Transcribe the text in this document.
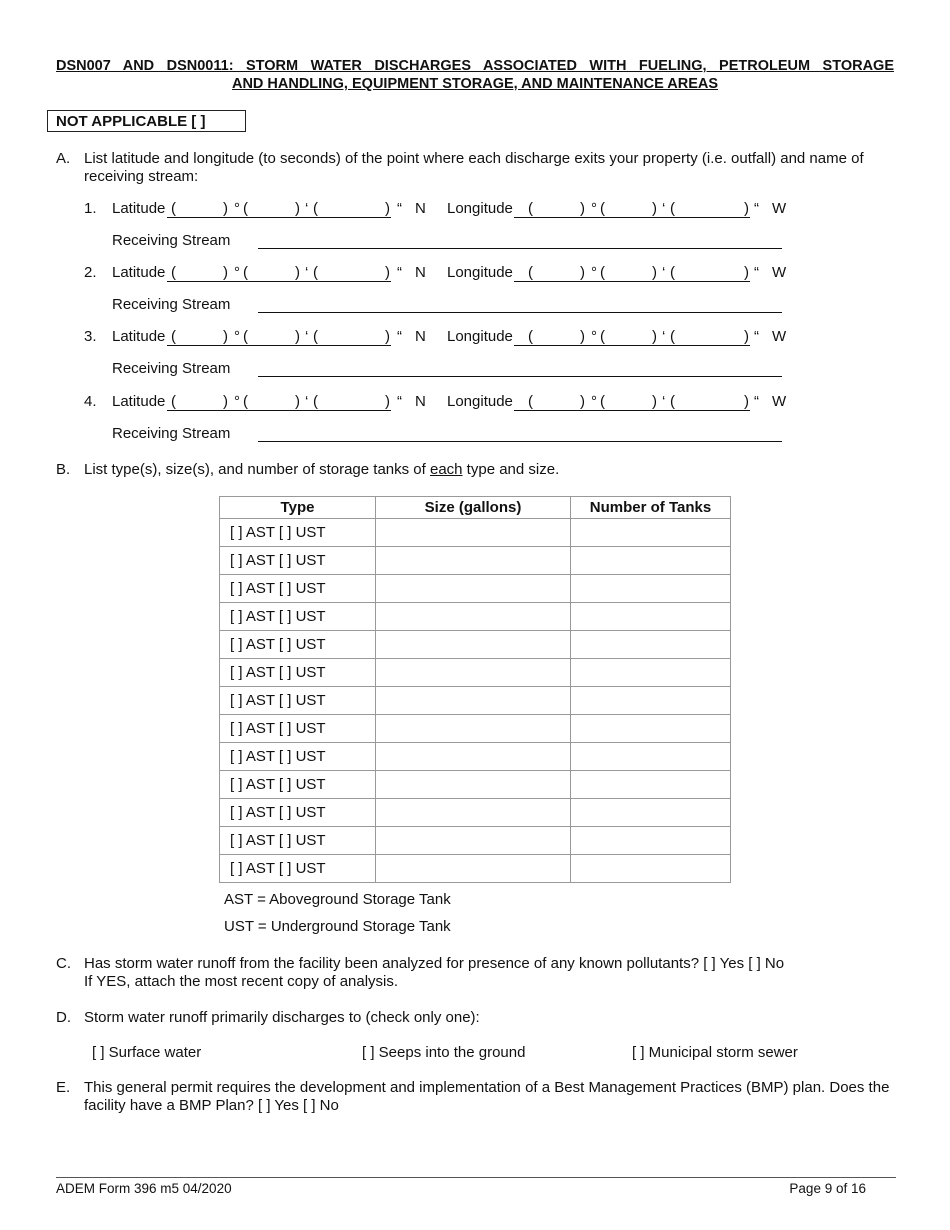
DSN007 AND DSN0011: STORM WATER DISCHARGES ASSOCIATED WITH FUELING, PETROLEUM STORAGE
AND HANDLING, EQUIPMENT STORAGE, AND MAINTENANCE AREAS
NOT APPLICABLE [ ]
A. List latitude and longitude (to seconds) of the point where each discharge exits your property (i.e. outfall) and name of receiving stream:
1. Latitude (	) ° (	) ‘ (	) “ N Longitude (	) ° (	) ‘ (	) “ W
Receiving Stream
2. Latitude (	) ° (	) ‘ (	) “ N Longitude (	) ° (	) ‘ (	) “ W
Receiving Stream
3. Latitude (	) ° (	) ‘ (	) “ N Longitude (	) ° (	) ‘ (	) “ W
Receiving Stream
4. Latitude (	) ° (	) ‘ (	) “ N Longitude (	) ° (	) ‘ (	) “ W
Receiving Stream
B. List type(s), size(s), and number of storage tanks of each type and size.
Type	Size (gallons)	Number of Tanks
[ ] AST [ ] UST		
[ ] AST [ ] UST		
[ ] AST [ ] UST		
[ ] AST [ ] UST		
[ ] AST [ ] UST		
[ ] AST [ ] UST		
[ ] AST [ ] UST		
[ ] AST [ ] UST		
[ ] AST [ ] UST		
[ ] AST [ ] UST		
[ ] AST [ ] UST		
[ ] AST [ ] UST		
[ ] AST [ ] UST		
AST = Aboveground Storage Tank
UST = Underground Storage Tank
C. Has storm water runoff from the facility been analyzed for presence of any known pollutants? [ ] Yes [ ] No
If YES, attach the most recent copy of analysis.
D. Storm water runoff primarily discharges to (check only one):
[ ] Surface water	[ ] Seeps into the ground	[ ] Municipal storm sewer
E. This general permit requires the development and implementation of a Best Management Practices (BMP) plan. Does the facility have a BMP Plan? [ ] Yes [ ] No
ADEM Form 396 m5 04/2020	Page 9 of 16
